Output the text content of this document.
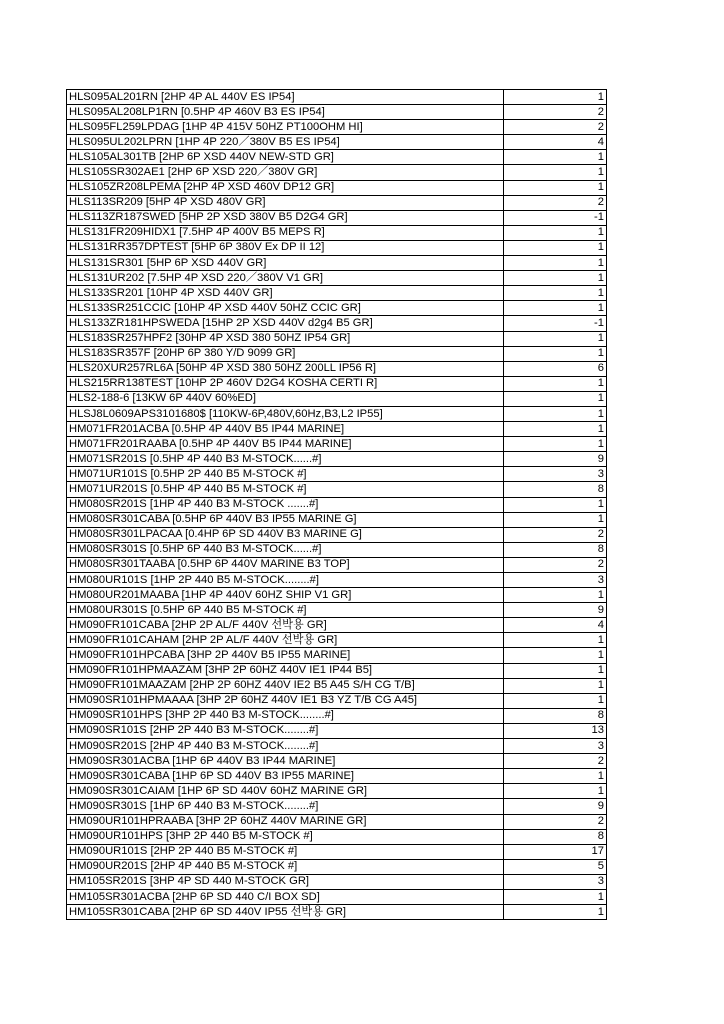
HLS095AL201RN [2HP 4P AL 440V ES IP54]	1
HLS095AL208LP1RN [0.5HP 4P 460V B3 ES IP54]	2
HLS095FL259LPDAG [1HP 4P 415V 50HZ PT100OHM HI]	2
HLS095UL202LPRN [1HP 4P 220／380V B5 ES IP54]	4
HLS105AL301TB [2HP 6P XSD 440V NEW-STD GR]	1
HLS105SR302AE1 [2HP 6P XSD 220／380V GR]	1
HLS105ZR208LPEMA [2HP 4P XSD 460V DP12 GR]	1
HLS113SR209 [5HP 4P XSD 480V GR]	2
HLS113ZR187SWED [5HP 2P XSD 380V B5 D2G4 GR]	-1
HLS131FR209HIDX1 [7.5HP 4P 400V B5 MEPS R]	1
HLS131RR357DPTEST [5HP 6P 380V Ex DP II 12]	1
HLS131SR301 [5HP 6P XSD 440V GR]	1
HLS131UR202 [7.5HP 4P XSD 220／380V V1 GR]	1
HLS133SR201 [10HP 4P XSD 440V GR]	1
HLS133SR251CCIC [10HP 4P XSD 440V 50HZ CCIC GR]	1
HLS133ZR181HPSWEDA [15HP 2P XSD 440V d2g4 B5 GR]	-1
HLS183SR257HPF2 [30HP 4P XSD 380 50HZ IP54 GR]	1
HLS183SR357F [20HP 6P 380 Y/D 9099 GR]	1
HLS20XUR257RL6A [50HP 4P XSD 380 50HZ 200LL IP56 R]	6
HLS215RR138TEST [10HP 2P 460V D2G4 KOSHA CERTI R]	1
HLS2-188-6 [13KW 6P 440V 60%ED]	1
HLSJ8L0609APS3101680$ [110KW-6P,480V,60Hz,B3,L2 IP55]	1
HM071FR201ACBA [0.5HP 4P 440V B5 IP44 MARINE]	1
HM071FR201RAABA [0.5HP 4P 440V B5 IP44 MARINE]	1
HM071SR201S [0.5HP 4P 440 B3 M-STOCK......#]	9
HM071UR101S [0.5HP 2P 440 B5 M-STOCK #]	3
HM071UR201S [0.5HP 4P 440 B5 M-STOCK #]	8
HM080SR201S [1HP 4P 440 B3 M-STOCK .......#]	1
HM080SR301CABA [0.5HP 6P 440V B3 IP55 MARINE G]	1
HM080SR301LPACAA [0.4HP 6P SD 440V B3 MARINE G]	2
HM080SR301S [0.5HP 6P 440 B3 M-STOCK......#]	8
HM080SR301TAABA [0.5HP 6P 440V MARINE B3 TOP]	2
HM080UR101S [1HP 2P 440 B5 M-STOCK........#]	3
HM080UR201MAABA [1HP 4P 440V 60HZ SHIP V1 GR]	1
HM080UR301S [0.5HP 6P 440 B5 M-STOCK #]	9
HM090FR101CABA [2HP 2P AL/F 440V 선박용 GR]	4
HM090FR101CAHAM [2HP 2P AL/F 440V 선박용 GR]	1
HM090FR101HPCABA [3HP 2P 440V B5 IP55 MARINE]	1
HM090FR101HPMAAZAM [3HP 2P 60HZ 440V IE1 IP44 B5]	1
HM090FR101MAAZAM [2HP 2P 60HZ 440V IE2 B5 A45 S/H CG T/B]	1
HM090SR101HPMAAAA [3HP 2P 60HZ 440V IE1 B3 YZ T/B CG A45]	1
HM090SR101HPS [3HP 2P 440 B3 M-STOCK........#]	8
HM090SR101S [2HP 2P 440 B3 M-STOCK........#]	13
HM090SR201S [2HP 4P 440 B3 M-STOCK........#]	3
HM090SR301ACBA [1HP 6P 440V B3 IP44 MARINE]	2
HM090SR301CABA [1HP 6P SD 440V B3 IP55 MARINE]	1
HM090SR301CAIAM [1HP 6P SD 440V 60HZ MARINE GR]	1
HM090SR301S [1HP 6P 440 B3 M-STOCK........#]	9
HM090UR101HPRAABA [3HP 2P 60HZ 440V MARINE GR]	2
HM090UR101HPS [3HP 2P 440 B5 M-STOCK #]	8
HM090UR101S [2HP 2P 440 B5 M-STOCK #]	17
HM090UR201S [2HP 4P 440 B5 M-STOCK #]	5
HM105SR201S [3HP 4P SD 440 M-STOCK GR]	3
HM105SR301ACBA [2HP 6P SD 440 C/I BOX SD]	1
HM105SR301CABA [2HP 6P SD 440V IP55 선박용 GR]	1
